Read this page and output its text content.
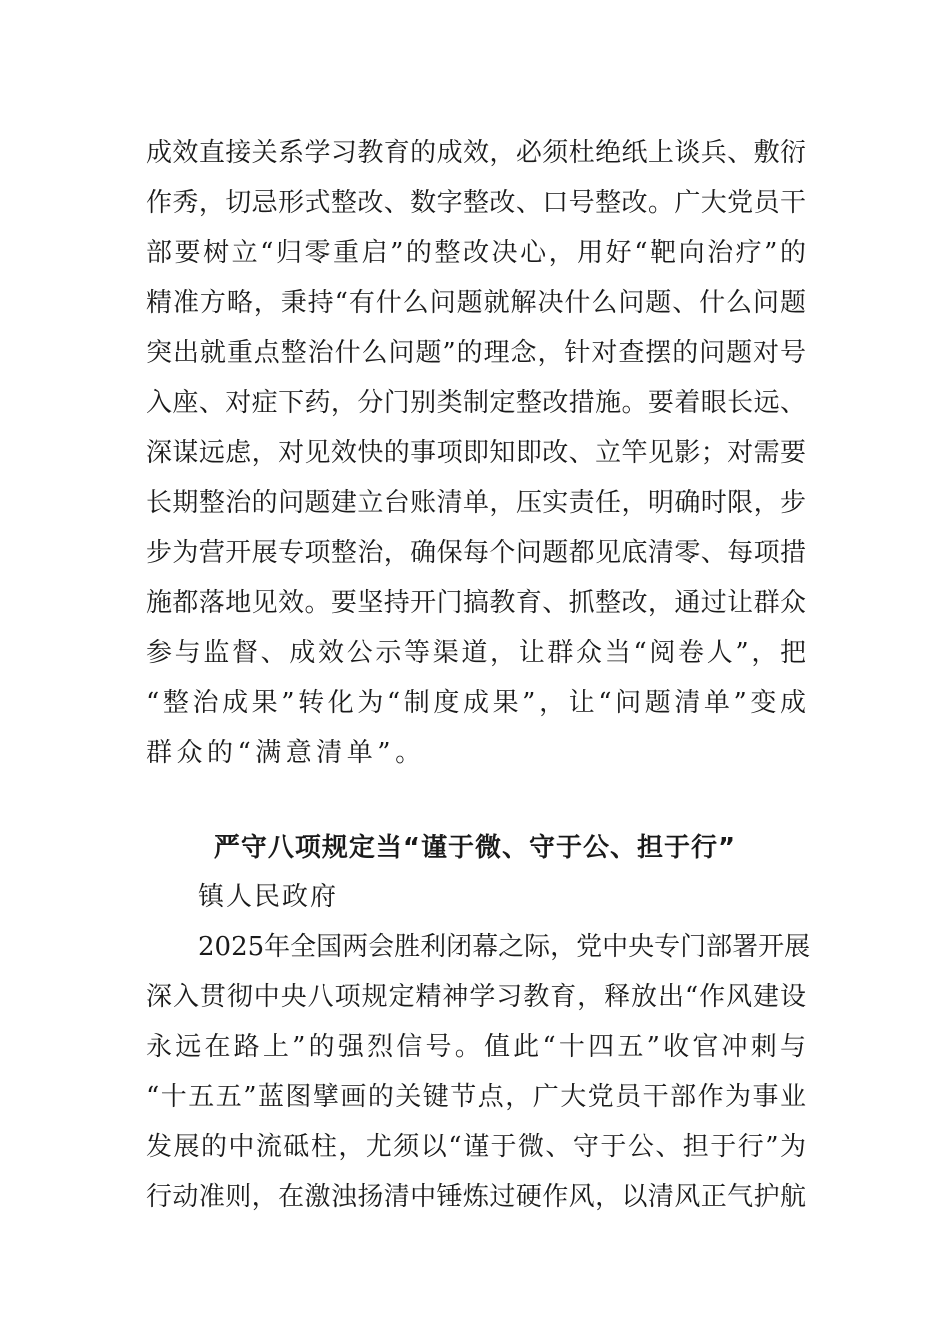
成效直接关系学习教育的成效，必须杜绝纸上谈兵、敷衍
作秀，切忌形式整改、数字整改、口号整改。广大党员干
部要树立“归零重启”的整改决心，用好“靶向治疗”的
精准方略，秉持“有什么问题就解决什么问题、什么问题
突出就重点整治什么问题”的理念，针对查摆的问题对号
入座、对症下药，分门别类制定整改措施。要着眼长远、
深谋远虑，对见效快的事项即知即改、立竿见影；对需要
长期整治的问题建立台账清单，压实责任，明确时限，步
步为营开展专项整治，确保每个问题都见底清零、每项措
施都落地见效。要坚持开门搞教育、抓整改，通过让群众
参与监督、成效公示等渠道，让群众当“阅卷人”，把
“整治成果”转化为“制度成果”，让“问题清单”变成
群众的“满意清单”。
严守八项规定当“谨于微、守于公、担于行”
镇人民政府
2025年全国两会胜利闭幕之际，党中央专门部署开展
深入贯彻中央八项规定精神学习教育，释放出“作风建设
永远在路上”的强烈信号。值此“十四五”收官冲刺与
“十五五”蓝图擘画的关键节点，广大党员干部作为事业
发展的中流砥柱，尤须以“谨于微、守于公、担于行”为
行动准则，在激浊扬清中锤炼过硬作风，以清风正气护航
